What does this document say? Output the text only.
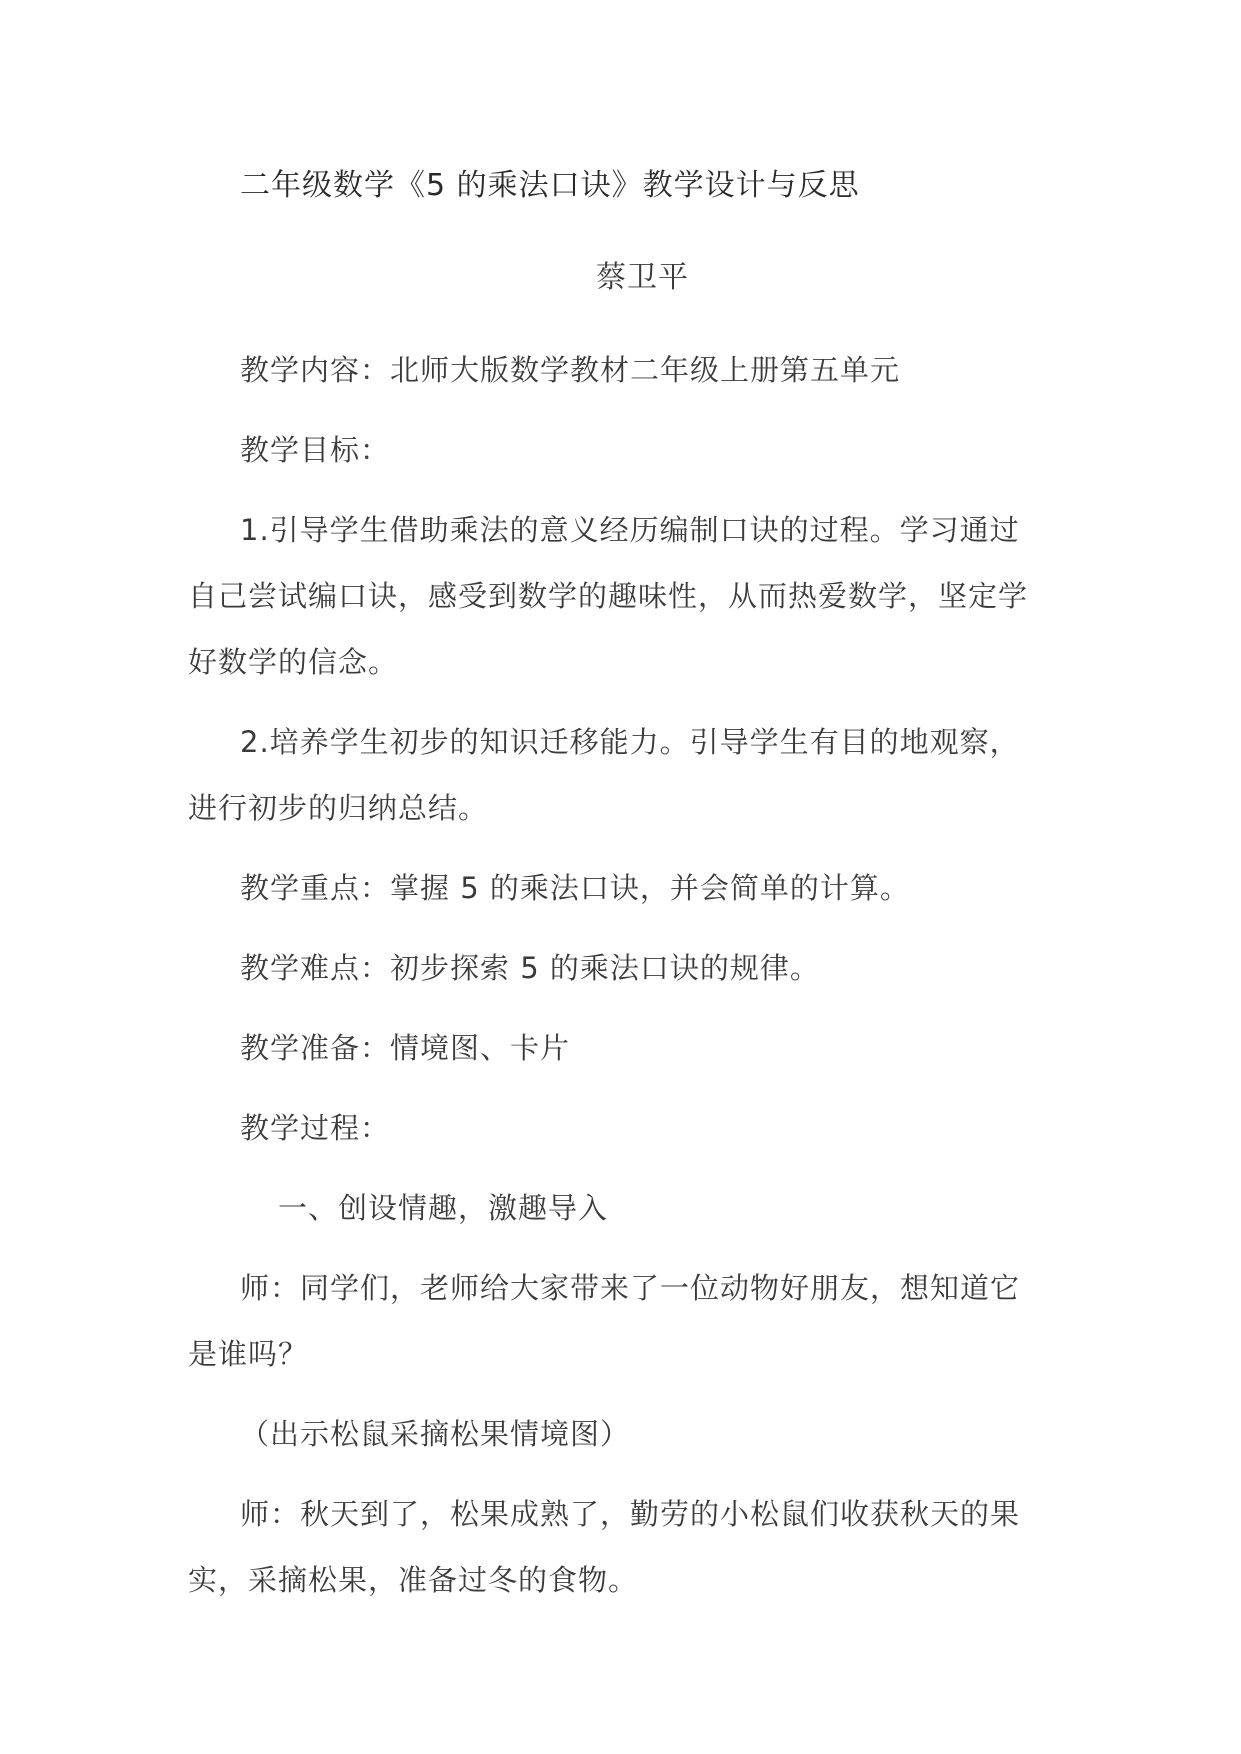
二年级数学《5 的乘法口诀》教学设计与反思
蔡卫平
教学内容：北师大版数学教材二年级上册第五单元
教学目标：
1.引导学生借助乘法的意义经历编制口诀的过程。学习通过
自己尝试编口诀，感受到数学的趣味性，从而热爱数学，坚定学
好数学的信念。
2.培养学生初步的知识迁移能力。引导学生有目的地观察，
进行初步的归纳总结。
教学重点：掌握 5 的乘法口诀，并会简单的计算。
教学难点：初步探索 5 的乘法口诀的规律。
教学准备：情境图、卡片
教学过程：
一、创设情趣，激趣导入
师：同学们，老师给大家带来了一位动物好朋友，想知道它
是谁吗？
（出示松鼠采摘松果情境图）
师：秋天到了，松果成熟了，勤劳的小松鼠们收获秋天的果
实，采摘松果，准备过冬的食物。
